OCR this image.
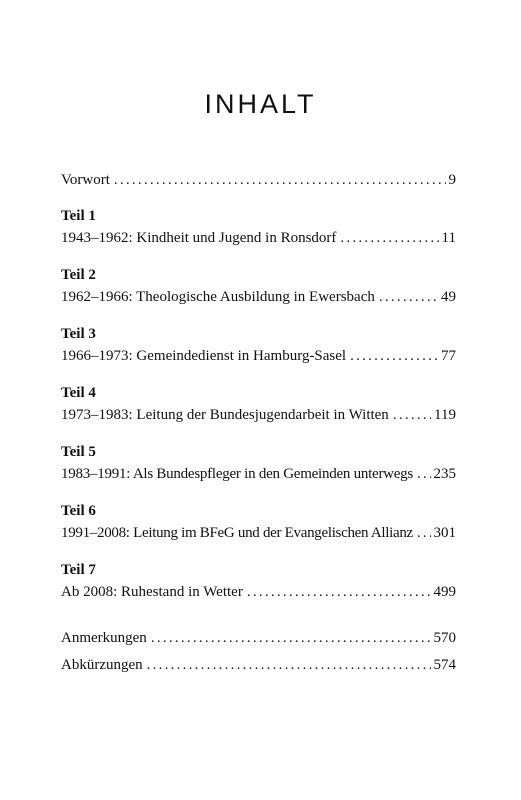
INHALT
Vorwort . . .	9
Teil 1
1943–1962: Kindheit und Jugend in Ronsdorf . . .	11
Teil 2
1962–1966: Theologische Ausbildung in Ewersbach . . .	49
Teil 3
1966–1973: Gemeindedienst in Hamburg-Sasel . . .	77
Teil 4
1973–1983: Leitung der Bundesjugendarbeit in Witten . . .	119
Teil 5
1983–1991: Als Bundespfleger in den Gemeinden unterwegs . . . 235
Teil 6
1991–2008: Leitung im BFeG und der Evangelischen Allianz . . . 301
Teil 7
Ab 2008: Ruhestand in Wetter . . .	499
Anmerkungen . . .	570
Abkürzungen . . .	574
